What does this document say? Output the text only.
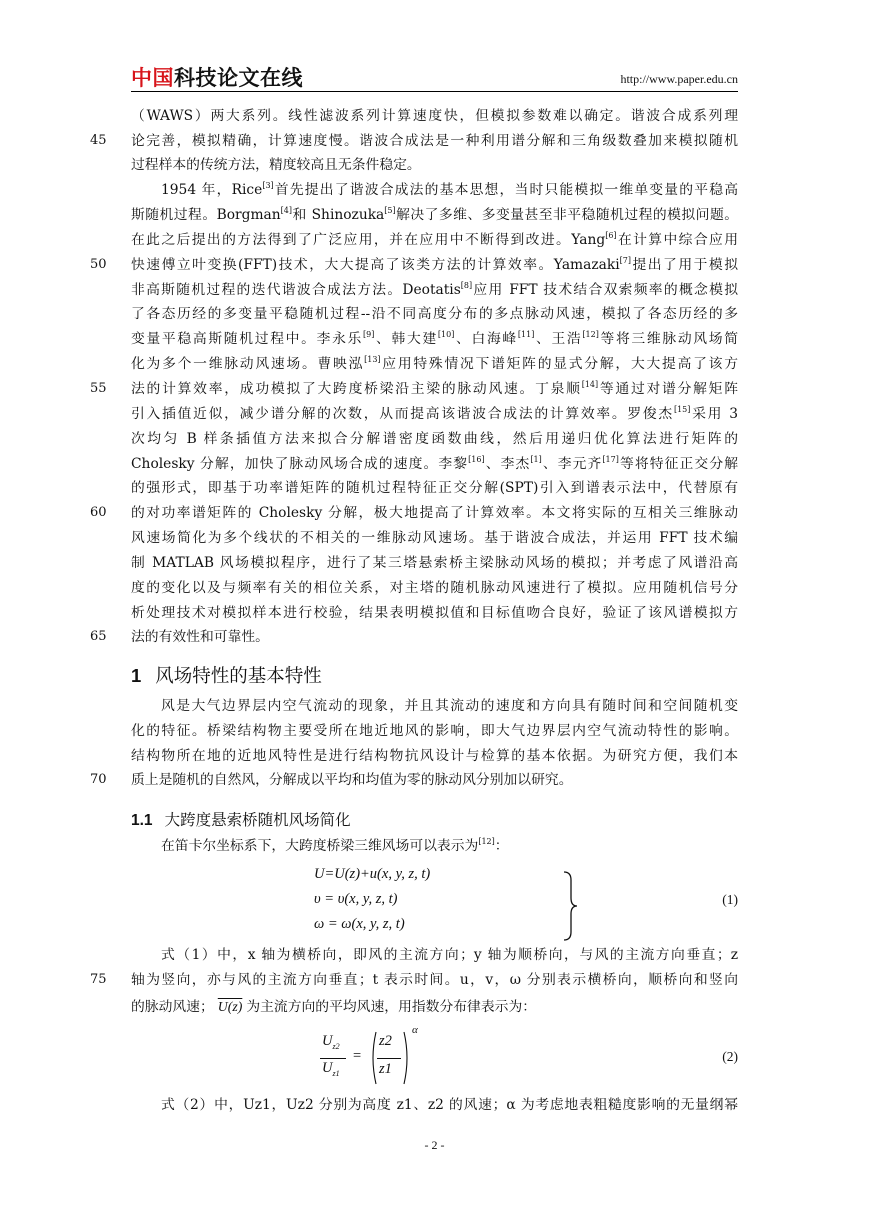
中国科技论文在线	http://www.paper.edu.cn
45
50
55
60
65
70
75
（WAWS）两大系列。线性滤波系列计算速度快，但模拟参数难以确定。谐波合成系列理
论完善，模拟精确，计算速度慢。谐波合成法是一种利用谱分解和三角级数叠加来模拟随机
过程样本的传统方法，精度较高且无条件稳定。
1954 年，Rice[3]首先提出了谐波合成法的基本思想，当时只能模拟一维单变量的平稳高
斯随机过程。Borgman[4]和 Shinozuka[5]解决了多维、多变量甚至非平稳随机过程的模拟问题。
在此之后提出的方法得到了广泛应用，并在应用中不断得到改进。Yang[6]在计算中综合应用
快速傅立叶变换(FFT)技术，大大提高了该类方法的计算效率。Yamazaki[7]提出了用于模拟
非高斯随机过程的迭代谐波合成法方法。Deotatis[8]应用 FFT 技术结合双索频率的概念模拟
了各态历经的多变量平稳随机过程--沿不同高度分布的多点脉动风速，模拟了各态历经的多
变量平稳高斯随机过程中。李永乐[9]、韩大建[10]、白海峰[11]、王浩[12]等将三维脉动风场简
化为多个一维脉动风速场。曹映泓[13]应用特殊情况下谱矩阵的显式分解，大大提高了该方
法的计算效率，成功模拟了大跨度桥梁沿主梁的脉动风速。丁泉顺[14]等通过对谱分解矩阵
引入插值近似，减少谱分解的次数，从而提高该谐波合成法的计算效率。罗俊杰[15]采用 3
次均匀 B 样条插值方法来拟合分解谱密度函数曲线，然后用递归优化算法进行矩阵的
Cholesky 分解，加快了脉动风场合成的速度。李黎[16]、李杰[1]、李元齐[17]等将特征正交分解
的强形式，即基于功率谱矩阵的随机过程特征正交分解(SPT)引入到谱表示法中，代替原有
的对功率谱矩阵的 Cholesky 分解，极大地提高了计算效率。本文将实际的互相关三维脉动
风速场简化为多个线状的不相关的一维脉动风速场。基于谐波合成法，并运用 FFT 技术编
制 MATLAB 风场模拟程序，进行了某三塔悬索桥主梁脉动风场的模拟；并考虑了风谱沿高
度的变化以及与频率有关的相位关系，对主塔的随机脉动风速进行了模拟。应用随机信号分
析处理技术对模拟样本进行校验，结果表明模拟值和目标值吻合良好，验证了该风谱模拟方
法的有效性和可靠性。
1 风场特性的基本特性
风是大气边界层内空气流动的现象，并且其流动的速度和方向具有随时间和空间随机变
化的特征。桥梁结构物主要受所在地近地风的影响，即大气边界层内空气流动特性的影响。
结构物所在地的近地风特性是进行结构物抗风设计与检算的基本依据。为研究方便，我们本
质上是随机的自然风，分解成以平均和均值为零的脉动风分别加以研究。
1.1 大跨度悬索桥随机风场简化
在笛卡尔坐标系下，大跨度桥梁三维风场可以表示为[12]：
U=U(z)+u(x, y, z, t)
υ = υ(x, y, z, t)
ω = ω(x, y, z, t)
(1)
式（1）中，x 轴为横桥向，即风的主流方向；y 轴为顺桥向，与风的主流方向垂直；z
轴为竖向，亦与风的主流方向垂直；t 表示时间。u，v，ω 分别表示横桥向，顺桥向和竖向
的脉动风速； U(z) 为主流方向的平均风速，用指数分布律表示为：
$U_{z2}$
$U_{z1}$
=
z2
z1
α
(2)
式（2）中，Uz1，Uz2 分别为高度 z1、z2 的风速；α 为考虑地表粗糙度影响的无量纲幂
- 2 -
